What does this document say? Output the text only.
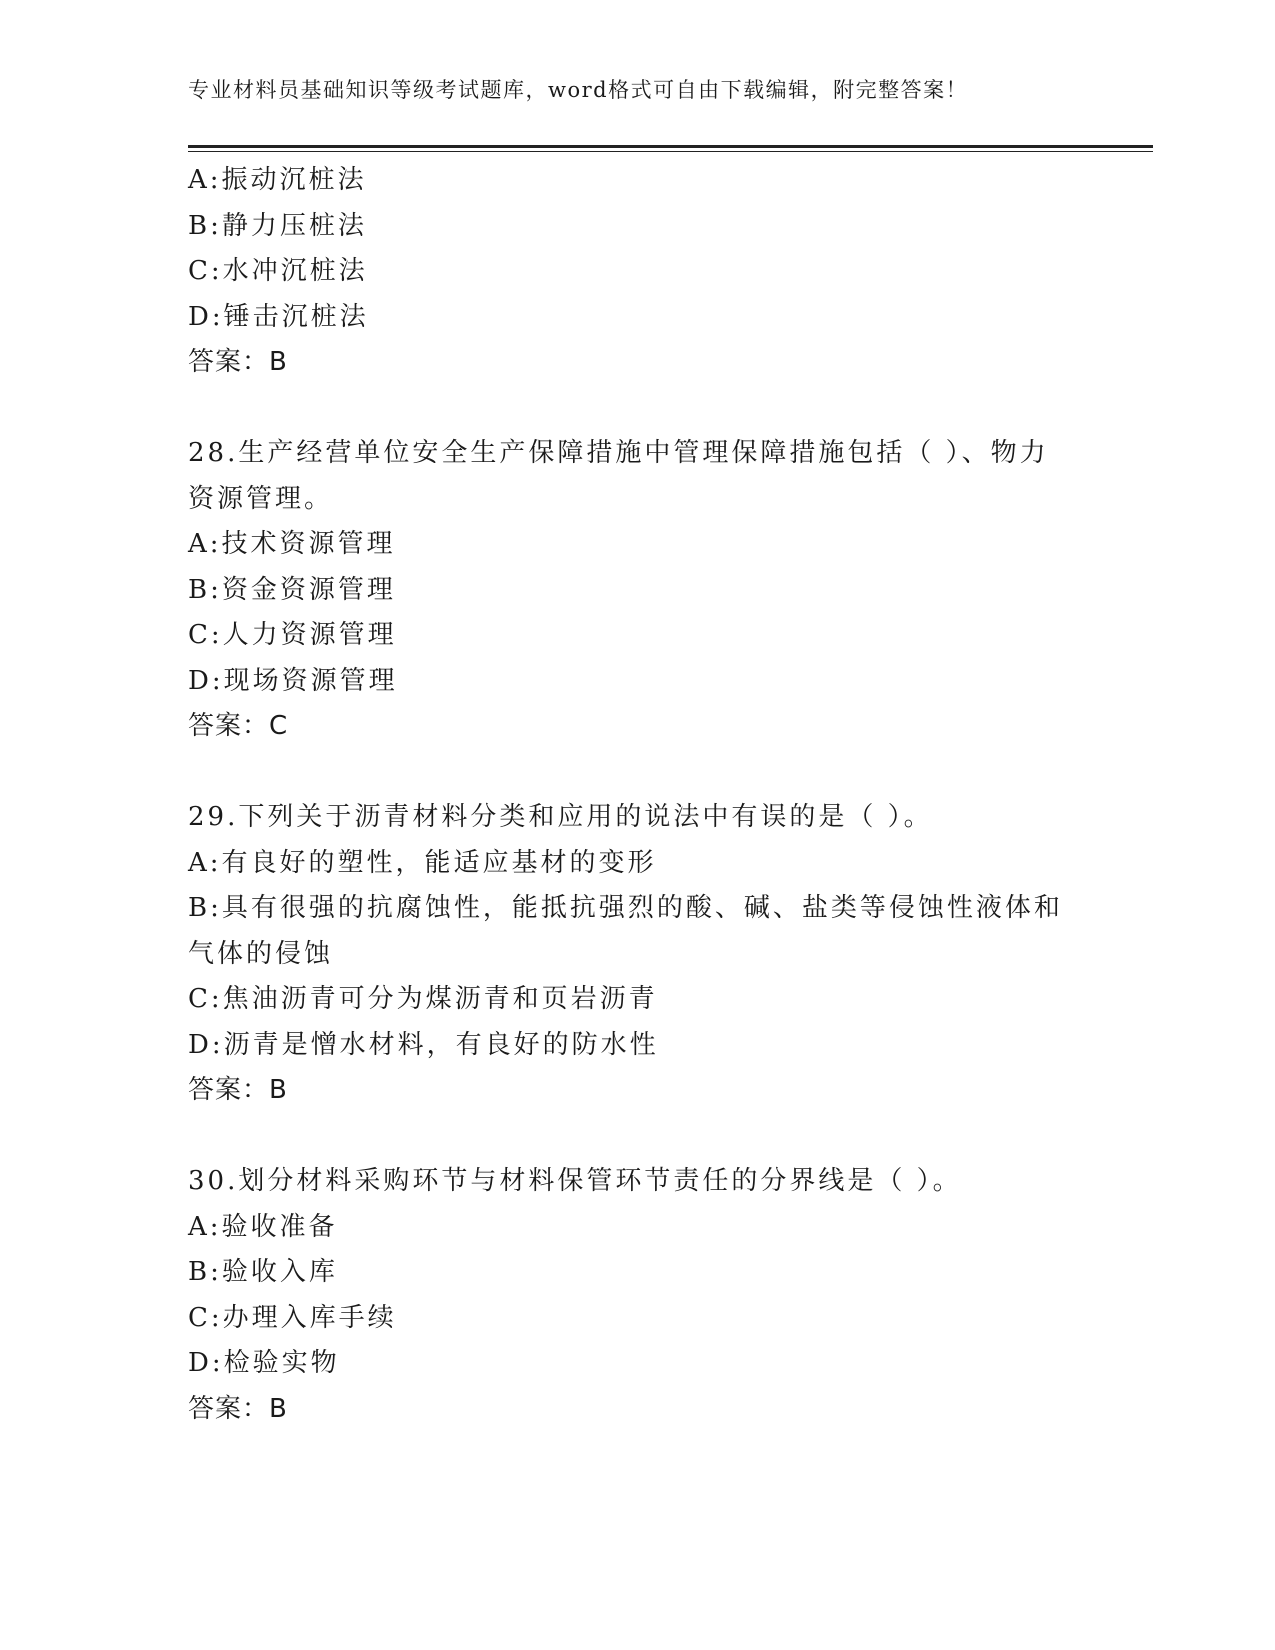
专业材料员基础知识等级考试题库，word格式可自由下载编辑，附完整答案！
A:振动沉桩法
B:静力压桩法
C:水冲沉桩法
D:锤击沉桩法
答案：B
28.生产经营单位安全生产保障措施中管理保障措施包括（ ）、物力
资源管理。
A:技术资源管理
B:资金资源管理
C:人力资源管理
D:现场资源管理
答案：C
29.下列关于沥青材料分类和应用的说法中有误的是（ ）。
A:有良好的塑性，能适应基材的变形
B:具有很强的抗腐蚀性，能抵抗强烈的酸、碱、盐类等侵蚀性液体和
气体的侵蚀
C:焦油沥青可分为煤沥青和页岩沥青
D:沥青是憎水材料，有良好的防水性
答案：B
30.划分材料采购环节与材料保管环节责任的分界线是（ ）。
A:验收准备
B:验收入库
C:办理入库手续
D:检验实物
答案：B
